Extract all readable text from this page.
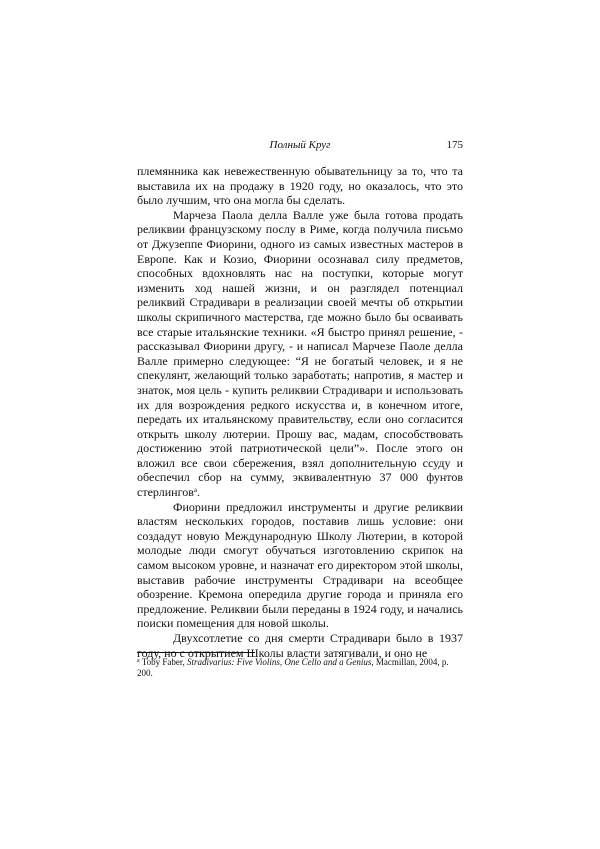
Полный Круг	175

племянника как невежественную обывательницу за то, что та выставила их на продажу в 1920 году, но оказалось, что это было лучшим, что она могла бы сделать.

Марчеза Паола делла Валле уже была готова продать реликвии французскому послу в Риме, когда получила письмо от Джузеппе Фиорини, одного из самых известных мастеров в Европе. Как и Козио, Фиорини осознавал силу предметов, способных вдохновлять нас на поступки, которые могут изменить ход нашей жизни, и он разглядел потенциал реликвий Страдивари в реализации своей мечты об открытии школы скрипичного мастерства, где можно было бы осваивать все старые итальянские техники. «Я быстро принял решение, - рассказывал Фиорини другу, - и написал Марчезе Паоле делла Валле примерно следующее: “Я не богатый человек, и я не спекулянт, желающий только заработать; напротив, я мастер и знаток, моя цель - купить реликвии Страдивари и использовать их для возрождения редкого искусства и, в конечном итоге, передать их итальянскому правительству, если оно согласится открыть школу лютерии. Прошу вас, мадам, способствовать достижению этой патриотической цели”». После этого он вложил все свои сбережения, взял дополнительную ссуду и обеспечил сбор на сумму, эквивалентную 37 000 фунтов стерлингов$^a$.

Фиорини предложил инструменты и другие реликвии властям нескольких городов, поставив лишь условие: они создадут новую Международную Школу Лютерии, в которой молодые люди смогут обучаться изготовлению скрипок на самом высоком уровне, и назначат его директором этой школы, выставив рабочие инструменты Страдивари на всеобщее обозрение. Кремона опередила другие города и приняла его предложение. Реликвии были переданы в 1924 году, и начались поиски помещения для новой школы.

Двухсотлетие со дня смерти Страдивари было в 1937 году, но с открытием Школы власти затягивали, и оно не

$^a$ Toby Faber, Stradivarius: Five Violins, One Cello and a Genius, Macmillan, 2004, p. 200.
